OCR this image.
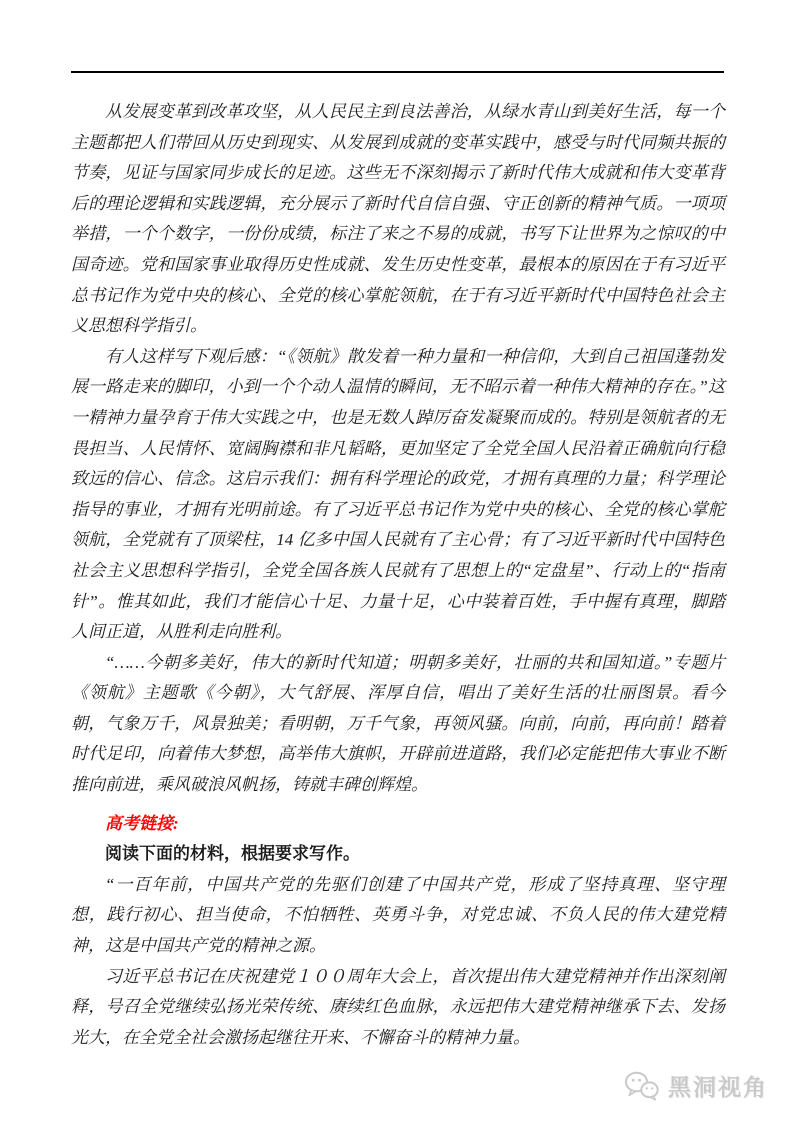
从发展变革到改革攻坚，从人民民主到良法善治，从绿水青山到美好生活，每一个主题都把人们带回从历史到现实、从发展到成就的变革实践中，感受与时代同频共振的节奏，见证与国家同步成长的足迹。这些无不深刻揭示了新时代伟大成就和伟大变革背后的理论逻辑和实践逻辑，充分展示了新时代自信自强、守正创新的精神气质。一项项举措，一个个数字，一份份成绩，标注了来之不易的成就，书写下让世界为之惊叹的中国奇迹。党和国家事业取得历史性成就、发生历史性变革，最根本的原因在于有习近平总书记作为党中央的核心、全党的核心掌舵领航，在于有习近平新时代中国特色社会主义思想科学指引。

有人这样写下观后感：“《领航》散发着一种力量和一种信仰，大到自己祖国蓬勃发展一路走来的脚印，小到一个个动人温情的瞬间，无不昭示着一种伟大精神的存在。”这一精神力量孕育于伟大实践之中，也是无数人踔厉奋发凝聚而成的。特别是领航者的无畏担当、人民情怀、宽阔胸襟和非凡韬略，更加坚定了全党全国人民沿着正确航向行稳致远的信心、信念。这启示我们：拥有科学理论的政党，才拥有真理的力量；科学理论指导的事业，才拥有光明前途。有了习近平总书记作为党中央的核心、全党的核心掌舵领航，全党就有了顶梁柱，14 亿多中国人民就有了主心骨；有了习近平新时代中国特色社会主义思想科学指引，全党全国各族人民就有了思想上的“定盘星”、行动上的“指南针”。惟其如此，我们才能信心十足、力量十足，心中装着百姓，手中握有真理，脚踏人间正道，从胜利走向胜利。

“……今朝多美好，伟大的新时代知道；明朝多美好，壮丽的共和国知道。”专题片《领航》主题歌《今朝》，大气舒展、浑厚自信，唱出了美好生活的壮丽图景。看今朝，气象万千，风景独美；看明朝，万千气象，再领风骚。向前，向前，再向前！踏着时代足印，向着伟大梦想，高举伟大旗帜，开辟前进道路，我们必定能把伟大事业不断推向前进，乘风破浪风帆扬，铸就丰碑创辉煌。

高考链接:

阅读下面的材料，根据要求写作。

“一百年前，中国共产党的先驱们创建了中国共产党，形成了坚持真理、坚守理想，践行初心、担当使命，不怕牺牲、英勇斗争，对党忠诚、不负人民的伟大建党精神，这是中国共产党的精神之源。

习近平总书记在庆祝建党１００周年大会上，首次提出伟大建党精神并作出深刻阐释，号召全党继续弘扬光荣传统、赓续红色血脉，永远把伟大建党精神继承下去、发扬光大，在全党全社会激扬起继往开来、不懈奋斗的精神力量。

黑洞视角
